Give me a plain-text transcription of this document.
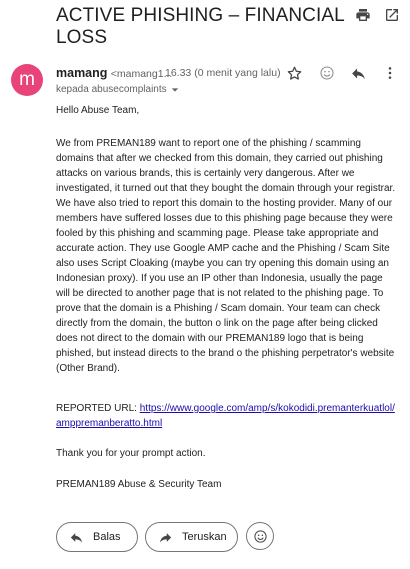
ACTIVE PHISHING – FINANCIAL LOSS
m	mamang <mamang1...
16.33 (0 menit yang lalu)
kepada abusecomplaints
Hello Abuse Team,
We from PREMAN189 want to report one of the phishing / scamming domains that after we checked from this domain, they carried out phishing attacks on various brands, this is certainly very dangerous. After we investigated, it turned out that they bought the domain through your registrar. We have also tried to report this domain to the hosting provider. Many of our members have suffered losses due to this phishing page because they were fooled by this phishing and scamming page. Please take appropriate and accurate action. They use Google AMP cache and the Phishing / Scam Site also uses Script Cloaking (maybe you can try opening this domain using an Indonesian proxy). If you use an IP other than Indonesia, usually the page will be directed to another page that is not related to the phishing page. To prove that the domain is a Phishing / Scam domain. Your team can check directly from the domain, the button o link on the page after being clicked does not direct to the domain with our PREMAN189 logo that is being phished, but instead directs to the brand o the phishing perpetrator's website (Other Brand).
REPORTED URL: https://www.google.com/amp/s/kokodidi.premanterkuatlol/amppremanberatto.html
Thank you for your prompt action.
PREMAN189 Abuse & Security Team
Balas	Teruskan
